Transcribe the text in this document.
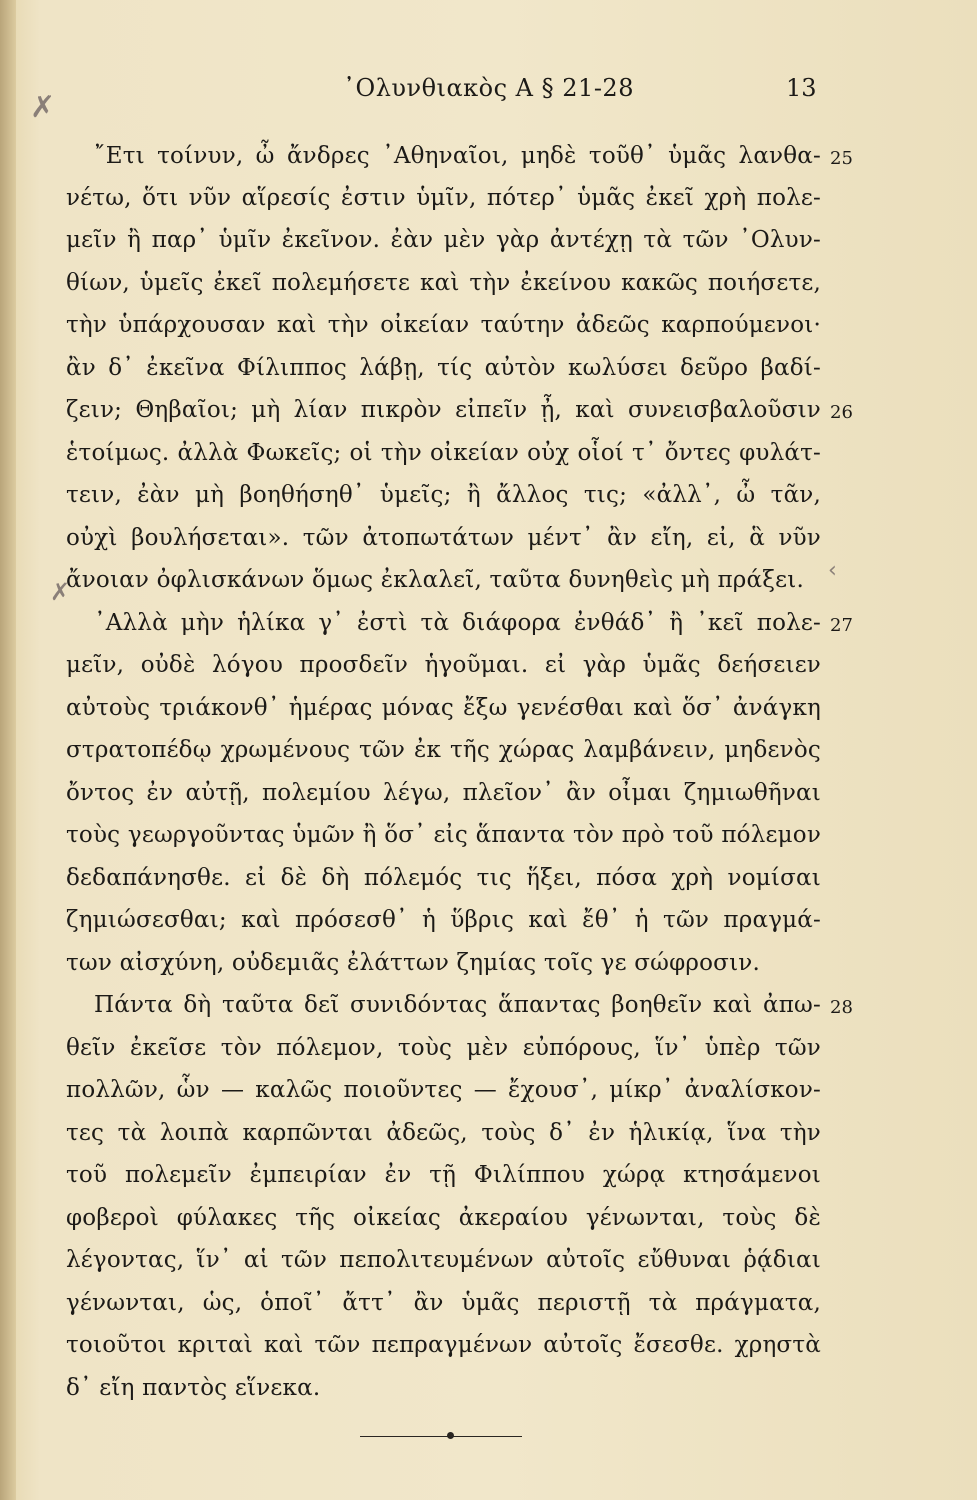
᾿Ολυνθιακὸς Α § 21-28	13
✗
῎Ετι τοίνυν, ὦ ἄνδρες ᾿Αθηναῖοι, μηδὲ τοῦθ᾿ ὑμᾶς λανθα-
νέτω, ὅτι νῦν αἵρεσίς ἐστιν ὑμῖν, πότερ᾿ ὑμᾶς ἐκεῖ χρὴ πολε-
μεῖν ἢ παρ᾿ ὑμῖν ἐκεῖνον. ἐὰν μὲν γὰρ ἀντέχῃ τὰ τῶν ᾿Ολυν-
θίων, ὑμεῖς ἐκεῖ πολεμήσετε καὶ τὴν ἐκείνου κακῶς ποιήσετε,
τὴν ὑπάρχουσαν καὶ τὴν οἰκείαν ταύτην ἀδεῶς καρπούμενοι·
ἂν δ᾿ ἐκεῖνα Φίλιππος λάβῃ, τίς αὐτὸν κωλύσει δεῦρο βαδί-
ζειν; Θηβαῖοι; μὴ λίαν πικρὸν εἰπεῖν ᾖ, καὶ συνεισβαλοῦσιν
ἑτοίμως. ἀλλὰ Φωκεῖς; οἱ τὴν οἰκείαν οὐχ οἷοί τ᾿ ὄντες φυλάτ-
τειν, ἐὰν μὴ βοηθήσηθ᾿ ὑμεῖς; ἢ ἄλλος τις; «ἀλλ᾿, ὦ τᾶν,
οὐχὶ βουλήσεται». τῶν ἀτοπωτάτων μέντ᾿ ἂν εἴη, εἰ, ἃ νῦν
ἄνοιαν ὀφλισκάνων ὅμως ἐκλαλεῖ, ταῦτα δυνηθεὶς μὴ πράξει.	‹
✗
᾿Αλλὰ μὴν ἡλίκα γ᾿ ἐστὶ τὰ διάφορα ἐνθάδ᾿ ἢ ᾿κεῖ πολε-
μεῖν, οὐδὲ λόγου προσδεῖν ἡγοῦμαι. εἰ γὰρ ὑμᾶς δεήσειεν
αὐτοὺς τριάκονθ᾿ ἡμέρας μόνας ἔξω γενέσθαι καὶ ὅσ᾿ ἀνάγκη
στρατοπέδῳ χρωμένους τῶν ἐκ τῆς χώρας λαμβάνειν, μηδενὸς
ὄντος ἐν αὐτῇ, πολεμίου λέγω, πλεῖον᾿ ἂν οἶμαι ζημιωθῆναι
τοὺς γεωργοῦντας ὑμῶν ἢ ὅσ᾿ εἰς ἅπαντα τὸν πρὸ τοῦ πόλεμον
δεδαπάνησθε. εἰ δὲ δὴ πόλεμός τις ἥξει, πόσα χρὴ νομίσαι
ζημιώσεσθαι; καὶ πρόσεσθ᾿ ἡ ὕβρις καὶ ἔθ᾿ ἡ τῶν πραγμά-
των αἰσχύνη, οὐδεμιᾶς ἐλάττων ζημίας τοῖς γε σώφροσιν.
Πάντα δὴ ταῦτα δεῖ συνιδόντας ἅπαντας βοηθεῖν καὶ ἀπω-
θεῖν ἐκεῖσε τὸν πόλεμον, τοὺς μὲν εὐπόρους, ἵν᾿ ὑπὲρ τῶν
πολλῶν, ὧν — καλῶς ποιοῦντες — ἔχουσ᾿, μίκρ᾿ ἀναλίσκον-
τες τὰ λοιπὰ καρπῶνται ἀδεῶς, τοὺς δ᾿ ἐν ἡλικίᾳ, ἵνα τὴν
τοῦ πολεμεῖν ἐμπειρίαν ἐν τῇ Φιλίππου χώρᾳ κτησάμενοι
φοβεροὶ φύλακες τῆς οἰκείας ἀκεραίου γένωνται, τοὺς δὲ
λέγοντας, ἵν᾿ αἱ τῶν πεπολιτευμένων αὐτοῖς εὔθυναι ῥᾴδιαι
γένωνται, ὡς, ὁποῖ᾿ ἄττ᾿ ἂν ὑμᾶς περιστῇ τὰ πράγματα,
τοιοῦτοι κριταὶ καὶ τῶν πεπραγμένων αὐτοῖς ἔσεσθε. χρηστὰ
δ᾿ εἴη παντὸς εἵνεκα.
25
26
27
28
